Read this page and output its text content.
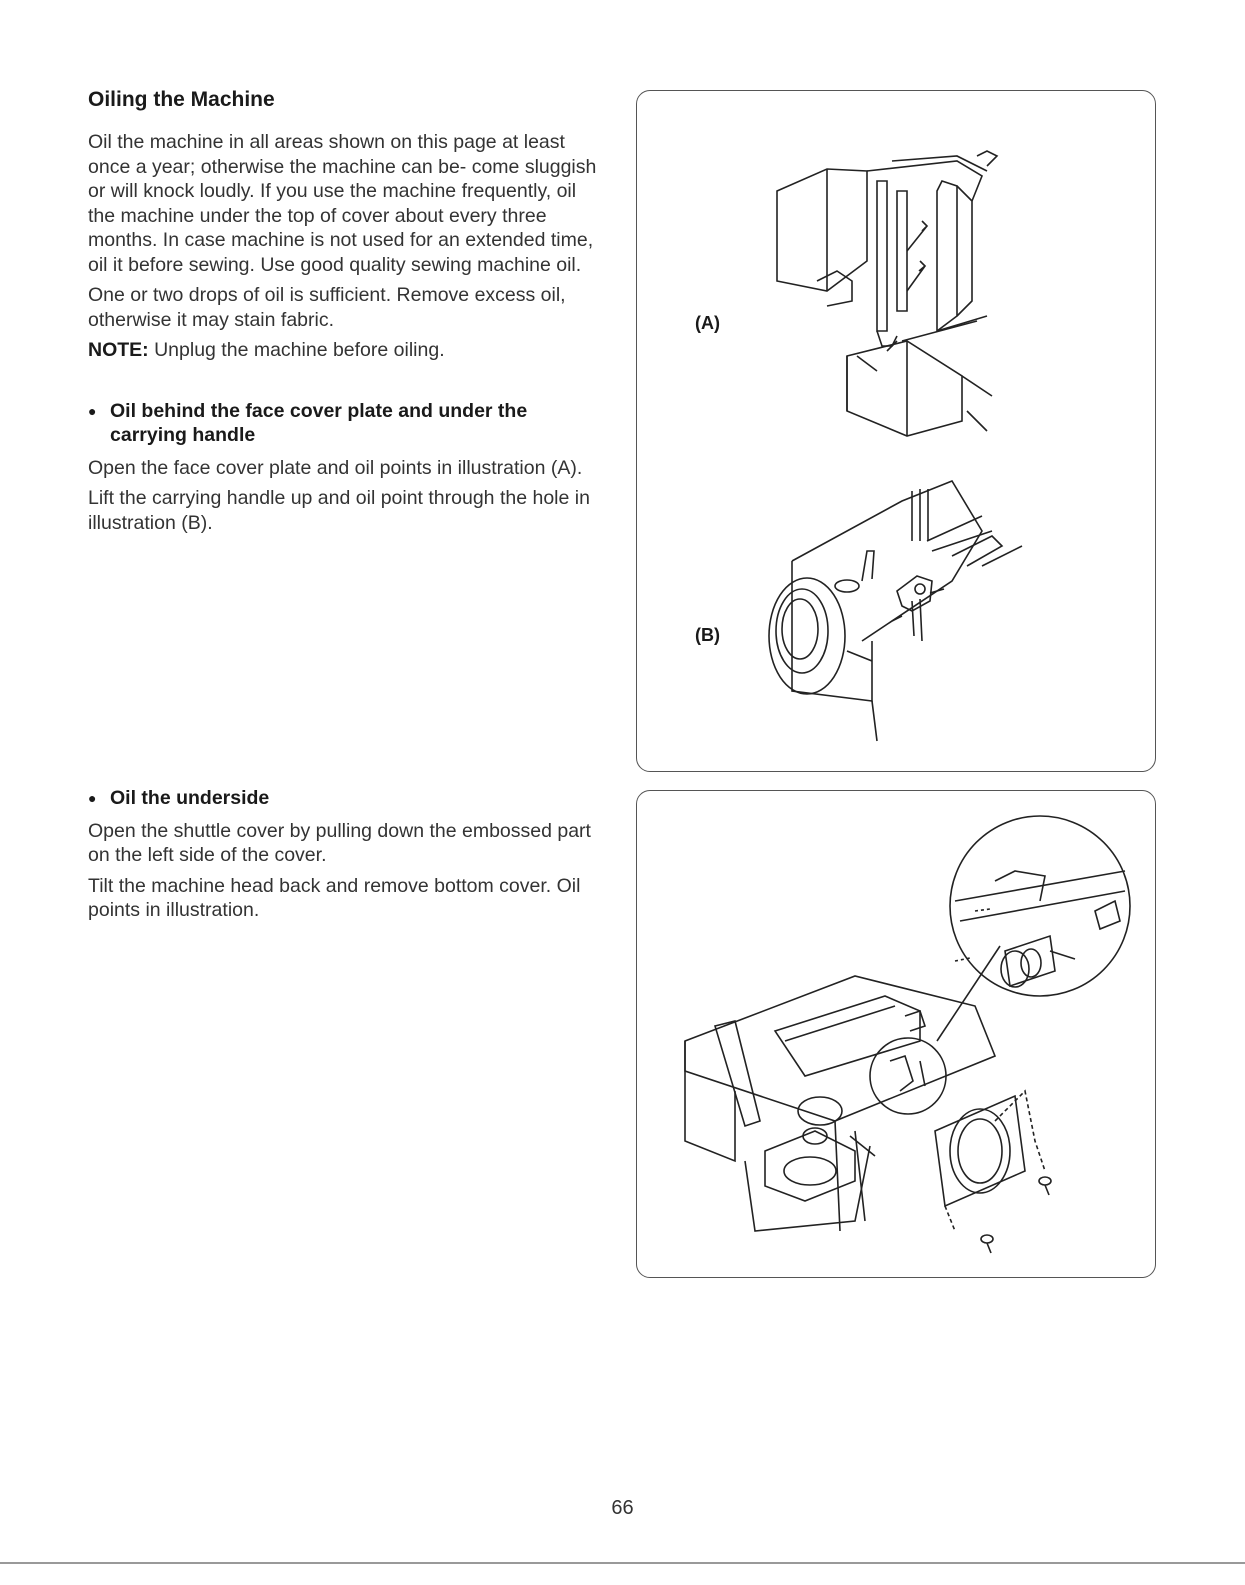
Oiling the Machine

Oil the machine in all areas shown on this page at least once a year; otherwise the machine can be- come sluggish or will knock loudly. If you use the machine frequently, oil the machine under the top of cover about every three months. In case machine is not used for an extended time, oil it before sewing. Use good quality sewing machine oil.

One or two drops of oil is sufficient. Remove excess oil, otherwise it may stain fabric.

NOTE: Unplug the machine before oiling.

● Oil behind the face cover plate and under the carrying handle

Open the face cover plate and oil points in illustration (A).

Lift the carrying handle up and oil point through the hole in illustration (B).

● Oil the underside

Open the shuttle cover by pulling down the embossed part on the left side of the cover.

Tilt the machine head back and remove bottom cover. Oil points in illustration.

(A)
(B)
66
